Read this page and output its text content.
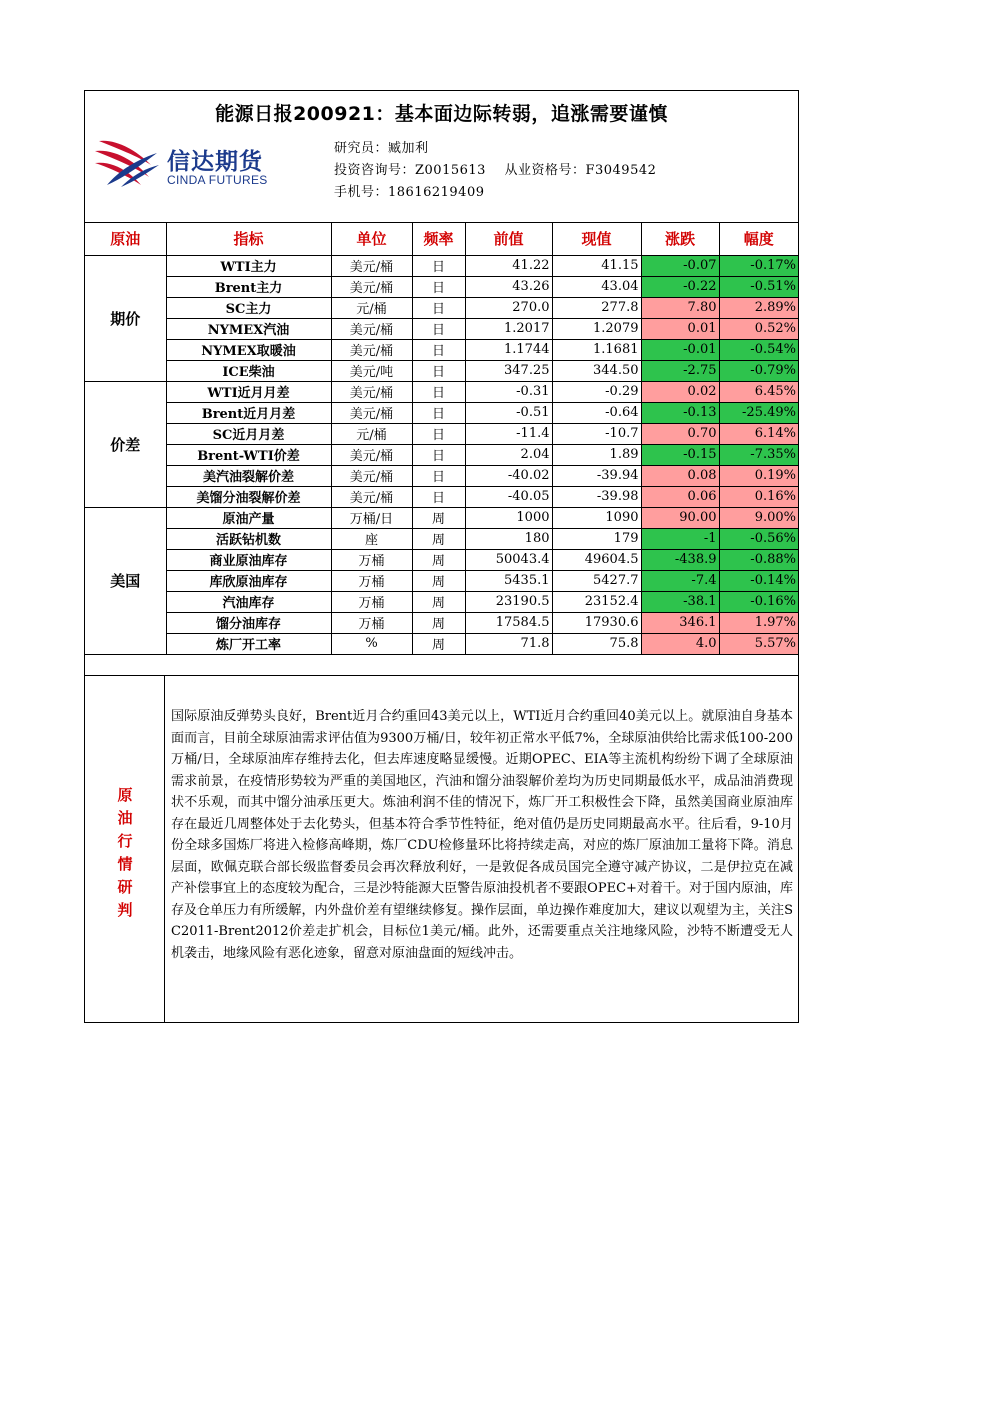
能源日报200921：基本面边际转弱，追涨需要谨慎
信达期货
CINDA FUTURES
研究员：臧加利
投资咨询号：Z0015613    从业资格号：F3049542
手机号：18616219409
原油	指标	单位	频率	前值	现值	涨跌	幅度
期价	WTI主力	美元/桶	日	41.22	41.15	-0.07	-0.17%
	Brent主力	美元/桶	日	43.26	43.04	-0.22	-0.51%
	SC主力	元/桶	日	270.0	277.8	7.80	2.89%
	NYMEX汽油	美元/桶	日	1.2017	1.2079	0.01	0.52%
	NYMEX取暖油	美元/桶	日	1.1744	1.1681	-0.01	-0.54%
	ICE柴油	美元/吨	日	347.25	344.50	-2.75	-0.79%
价差	WTI近月月差	美元/桶	日	-0.31	-0.29	0.02	6.45%
	Brent近月月差	美元/桶	日	-0.51	-0.64	-0.13	-25.49%
	SC近月月差	元/桶	日	-11.4	-10.7	0.70	6.14%
	Brent-WTI价差	美元/桶	日	2.04	1.89	-0.15	-7.35%
	美汽油裂解价差	美元/桶	日	-40.02	-39.94	0.08	0.19%
	美馏分油裂解价差	美元/桶	日	-40.05	-39.98	0.06	0.16%
美国	原油产量	万桶/日	周	1000	1090	90.00	9.00%
	活跃钻机数	座	周	180	179	-1	-0.56%
	商业原油库存	万桶	周	50043.4	49604.5	-438.9	-0.88%
	库欣原油库存	万桶	周	5435.1	5427.7	-7.4	-0.14%
	汽油库存	万桶	周	23190.5	23152.4	-38.1	-0.16%
	馏分油库存	万桶	周	17584.5	17930.6	346.1	1.97%
	炼厂开工率	%	周	71.8	75.8	4.0	5.57%
原油行情研判
国际原油反弹势头良好，Brent近月合约重回43美元以上，WTI近月合约重回40美元以上。就原油自身基本面而言，目前全球原油需求评估值为9300万桶/日，较年初正常水平低7%，全球原油供给比需求低100-200万桶/日，全球原油库存维持去化，但去库速度略显缓慢。近期OPEC、EIA等主流机构纷纷下调了全球原油需求前景，在疫情形势较为严重的美国地区，汽油和馏分油裂解价差均为历史同期最低水平，成品油消费现状不乐观，而其中馏分油承压更大。炼油利润不佳的情况下，炼厂开工积极性会下降，虽然美国商业原油库存在最近几周整体处于去化势头，但基本符合季节性特征，绝对值仍是历史同期最高水平。往后看，9-10月份全球多国炼厂将进入检修高峰期，炼厂CDU检修量环比将持续走高，对应的炼厂原油加工量将下降。消息层面，欧佩克联合部长级监督委员会再次释放利好，一是敦促各成员国完全遵守减产协议，二是伊拉克在减产补偿事宜上的态度较为配合，三是沙特能源大臣警告原油投机者不要跟OPEC+对着干。对于国内原油，库存及仓单压力有所缓解，内外盘价差有望继续修复。操作层面，单边操作难度加大，建议以观望为主，关注SC2011-Brent2012价差走扩机会，目标位1美元/桶。此外，还需要重点关注地缘风险，沙特不断遭受无人机袭击，地缘风险有恶化迹象，留意对原油盘面的短线冲击。
